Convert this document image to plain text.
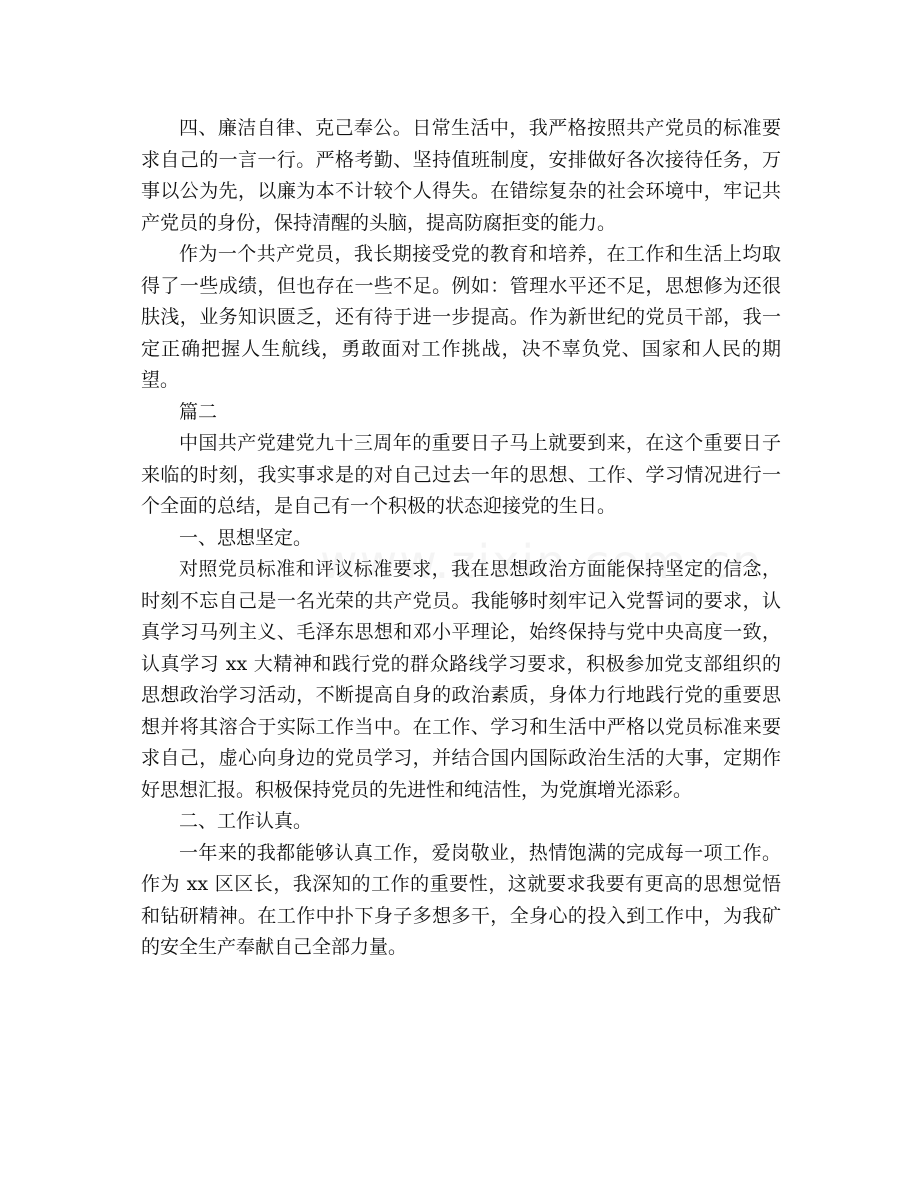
四、廉洁自律、克己奉公。日常生活中，我严格按照共产党员的标准要求自己的一言一行。严格考勤、坚持值班制度，安排做好各次接待任务，万事以公为先，以廉为本不计较个人得失。在错综复杂的社会环境中，牢记共产党员的身份，保持清醒的头脑，提高防腐拒变的能力。

作为一个共产党员，我长期接受党的教育和培养，在工作和生活上均取得了一些成绩，但也存在一些不足。例如：管理水平还不足，思想修为还很肤浅，业务知识匮乏，还有待于进一步提高。作为新世纪的党员干部，我一定正确把握人生航线，勇敢面对工作挑战，决不辜负党、国家和人民的期望。

篇二

中国共产党建党九十三周年的重要日子马上就要到来，在这个重要日子来临的时刻，我实事求是的对自己过去一年的思想、工作、学习情况进行一个全面的总结，是自己有一个积极的状态迎接党的生日。

一、思想坚定。

对照党员标准和评议标准要求，我在思想政治方面能保持坚定的信念，时刻不忘自己是一名光荣的共产党员。我能够时刻牢记入党誓词的要求，认真学习马列主义、毛泽东思想和邓小平理论，始终保持与党中央高度一致，认真学习 xx 大精神和践行党的群众路线学习要求，积极参加党支部组织的思想政治学习活动，不断提高自身的政治素质，身体力行地践行党的重要思想并将其溶合于实际工作当中。在工作、学习和生活中严格以党员标准来要求自己，虚心向身边的党员学习，并结合国内国际政治生活的大事，定期作好思想汇报。积极保持党员的先进性和纯洁性，为党旗增光添彩。

二、工作认真。

一年来的我都能够认真工作，爱岗敬业，热情饱满的完成每一项工作。作为 xx 区区长，我深知的工作的重要性，这就要求我要有更高的思想觉悟和钻研精神。在工作中扑下身子多想多干，全身心的投入到工作中，为我矿的安全生产奉献自己全部力量。
